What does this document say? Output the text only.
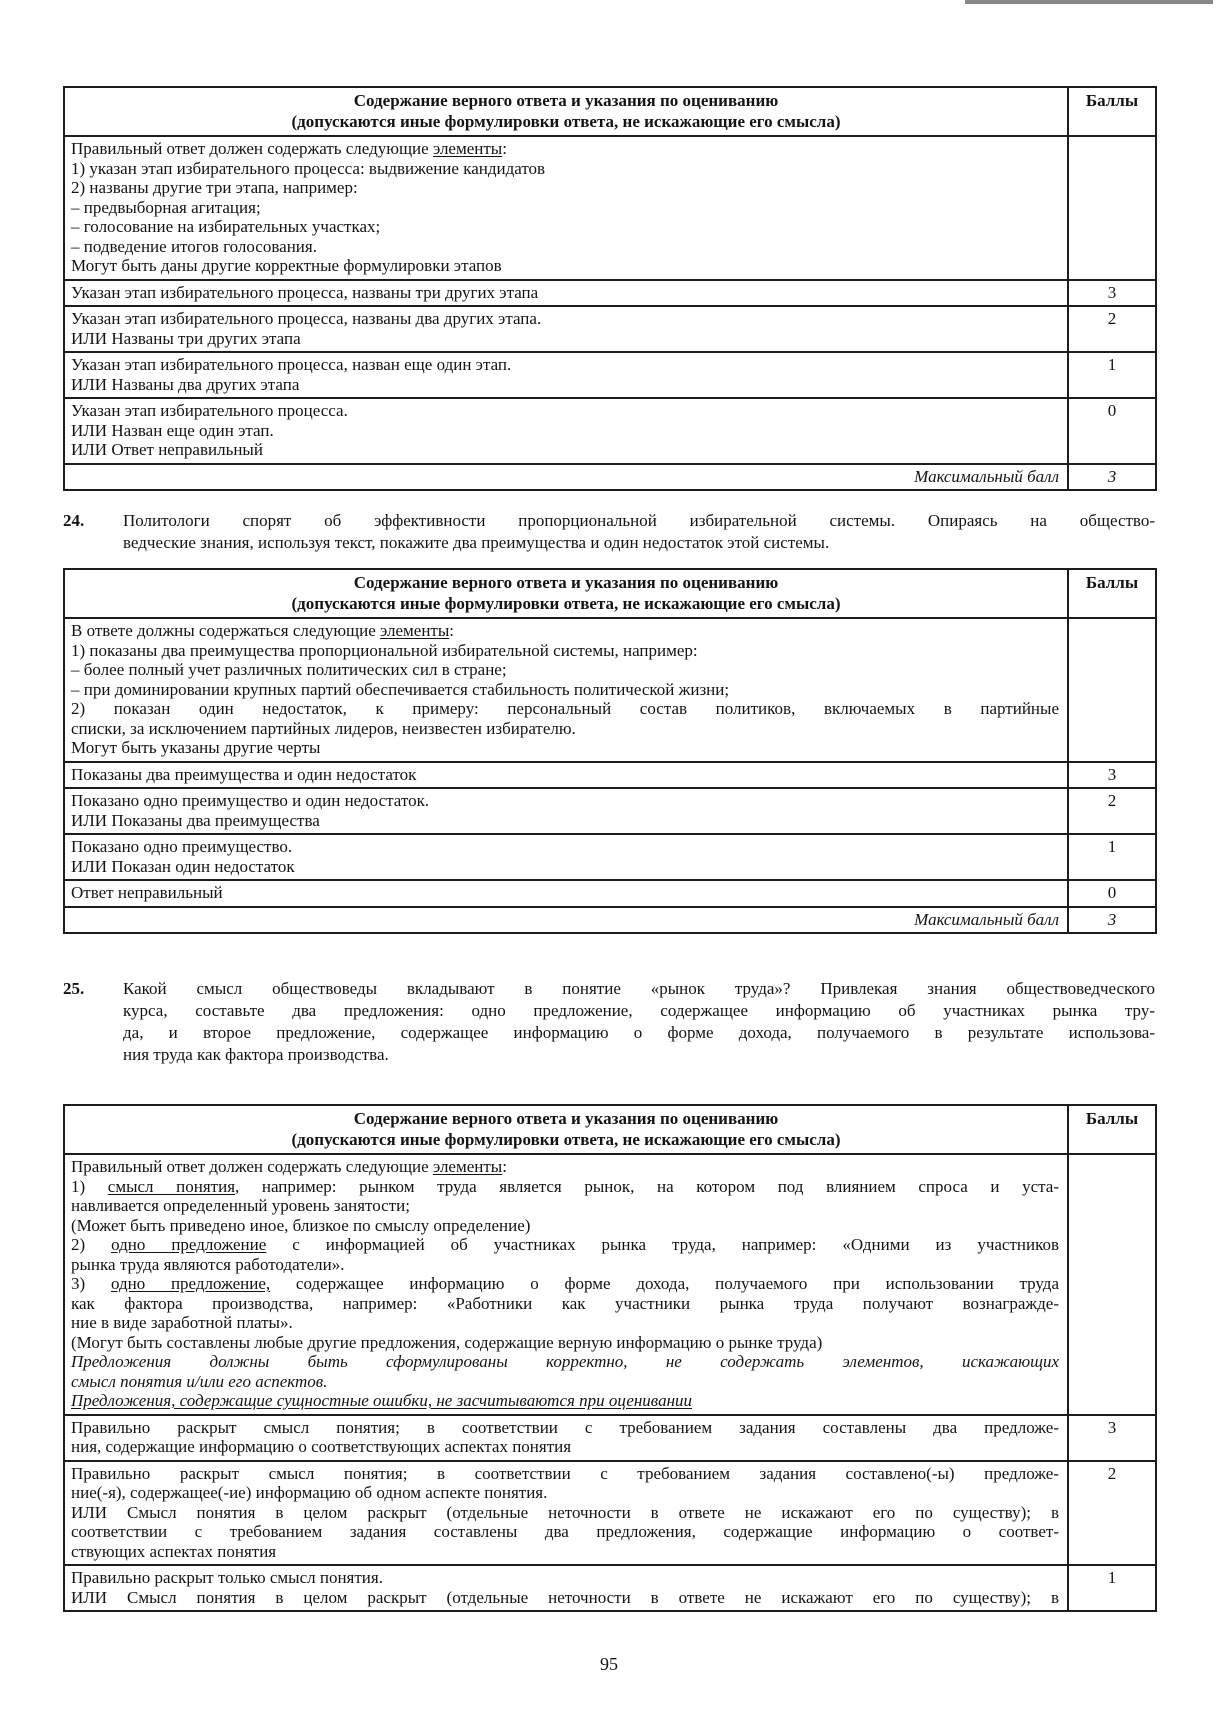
Содержание верного ответа и указания по оцениванию
(допускаются иные формулировки ответа, не искажающие его смысла)	Баллы

Правильный ответ должен содержать следующие элементы:
1) указан этап избирательного процесса: выдвижение кандидатов
2) названы другие три этапа, например:
– предвыборная агитация;
– голосование на избирательных участках;
– подведение итогов голосования.
Могут быть даны другие корректные формулировки этапов

Указан этап избирательного процесса, названы три других этапа	3

Указан этап избирательного процесса, названы два других этапа.
ИЛИ Названы три других этапа	2

Указан этап избирательного процесса, назван еще один этап.
ИЛИ Названы два других этапа	1

Указан этап избирательного процесса.
ИЛИ Назван еще один этап.
ИЛИ Ответ неправильный	0
Максимальный балл	3
24.	Политологи спорят об эффективности пропорциональной избирательной системы. Опираясь на общество-
ведческие знания, используя текст, покажите два преимущества и один недостаток этой системы.
Содержание верного ответа и указания по оцениванию
(допускаются иные формулировки ответа, не искажающие его смысла)	Баллы

В ответе должны содержаться следующие элементы:
1) показаны два преимущества пропорциональной избирательной системы, например:
– более полный учет различных политических сил в стране;
– при доминировании крупных партий обеспечивается стабильность политической жизни;
2) показан один недостаток, к примеру: персональный состав политиков, включаемых в партийные
списки, за исключением партийных лидеров, неизвестен избирателю.
Могут быть указаны другие черты

Показаны два преимущества и один недостаток	3

Показано одно преимущество и один недостаток.
ИЛИ Показаны два преимущества	2

Показано одно преимущество.
ИЛИ Показан один недостаток	1

Ответ неправильный	0
Максимальный балл	3
25.	Какой смысл обществоведы вкладывают в понятие «рынок труда»? Привлекая знания обществоведческого
курса, составьте два предложения: одно предложение, содержащее информацию об участниках рынка тру-
да, и второе предложение, содержащее информацию о форме дохода, получаемого в результате использова-
ния труда как фактора производства.
Содержание верного ответа и указания по оцениванию
(допускаются иные формулировки ответа, не искажающие его смысла)	Баллы

Правильный ответ должен содержать следующие элементы:
1) смысл понятия, например: рынком труда является рынок, на котором под влиянием спроса и уста-
навливается определенный уровень занятости;
(Может быть приведено иное, близкое по смыслу определение)
2) одно предложение с информацией об участниках рынка труда, например: «Одними из участников
рынка труда являются работодатели».
3) одно предложение, содержащее информацию о форме дохода, получаемого при использовании труда
как фактора производства, например: «Работники как участники рынка труда получают вознагражде-
ние в виде заработной платы».
(Могут быть составлены любые другие предложения, содержащие верную информацию о рынке труда)
Предложения должны быть сформулированы корректно, не содержать элементов, искажающих
смысл понятия и/или его аспектов.
Предложения, содержащие сущностные ошибки, не засчитываются при оценивании

Правильно раскрыт смысл понятия; в соответствии с требованием задания составлены два предложе-
ния, содержащие информацию о соответствующих аспектах понятия	3

Правильно раскрыт смысл понятия; в соответствии с требованием задания составлено(-ы) предложе-
ние(-я), содержащее(-ие) информацию об одном аспекте понятия.
ИЛИ Смысл понятия в целом раскрыт (отдельные неточности в ответе не искажают его по существу); в
соответствии с требованием задания составлены два предложения, содержащие информацию о соответ-
ствующих аспектах понятия	2

Правильно раскрыт только смысл понятия.
ИЛИ Смысл понятия в целом раскрыт (отдельные неточности в ответе не искажают его по существу); в	1
95
